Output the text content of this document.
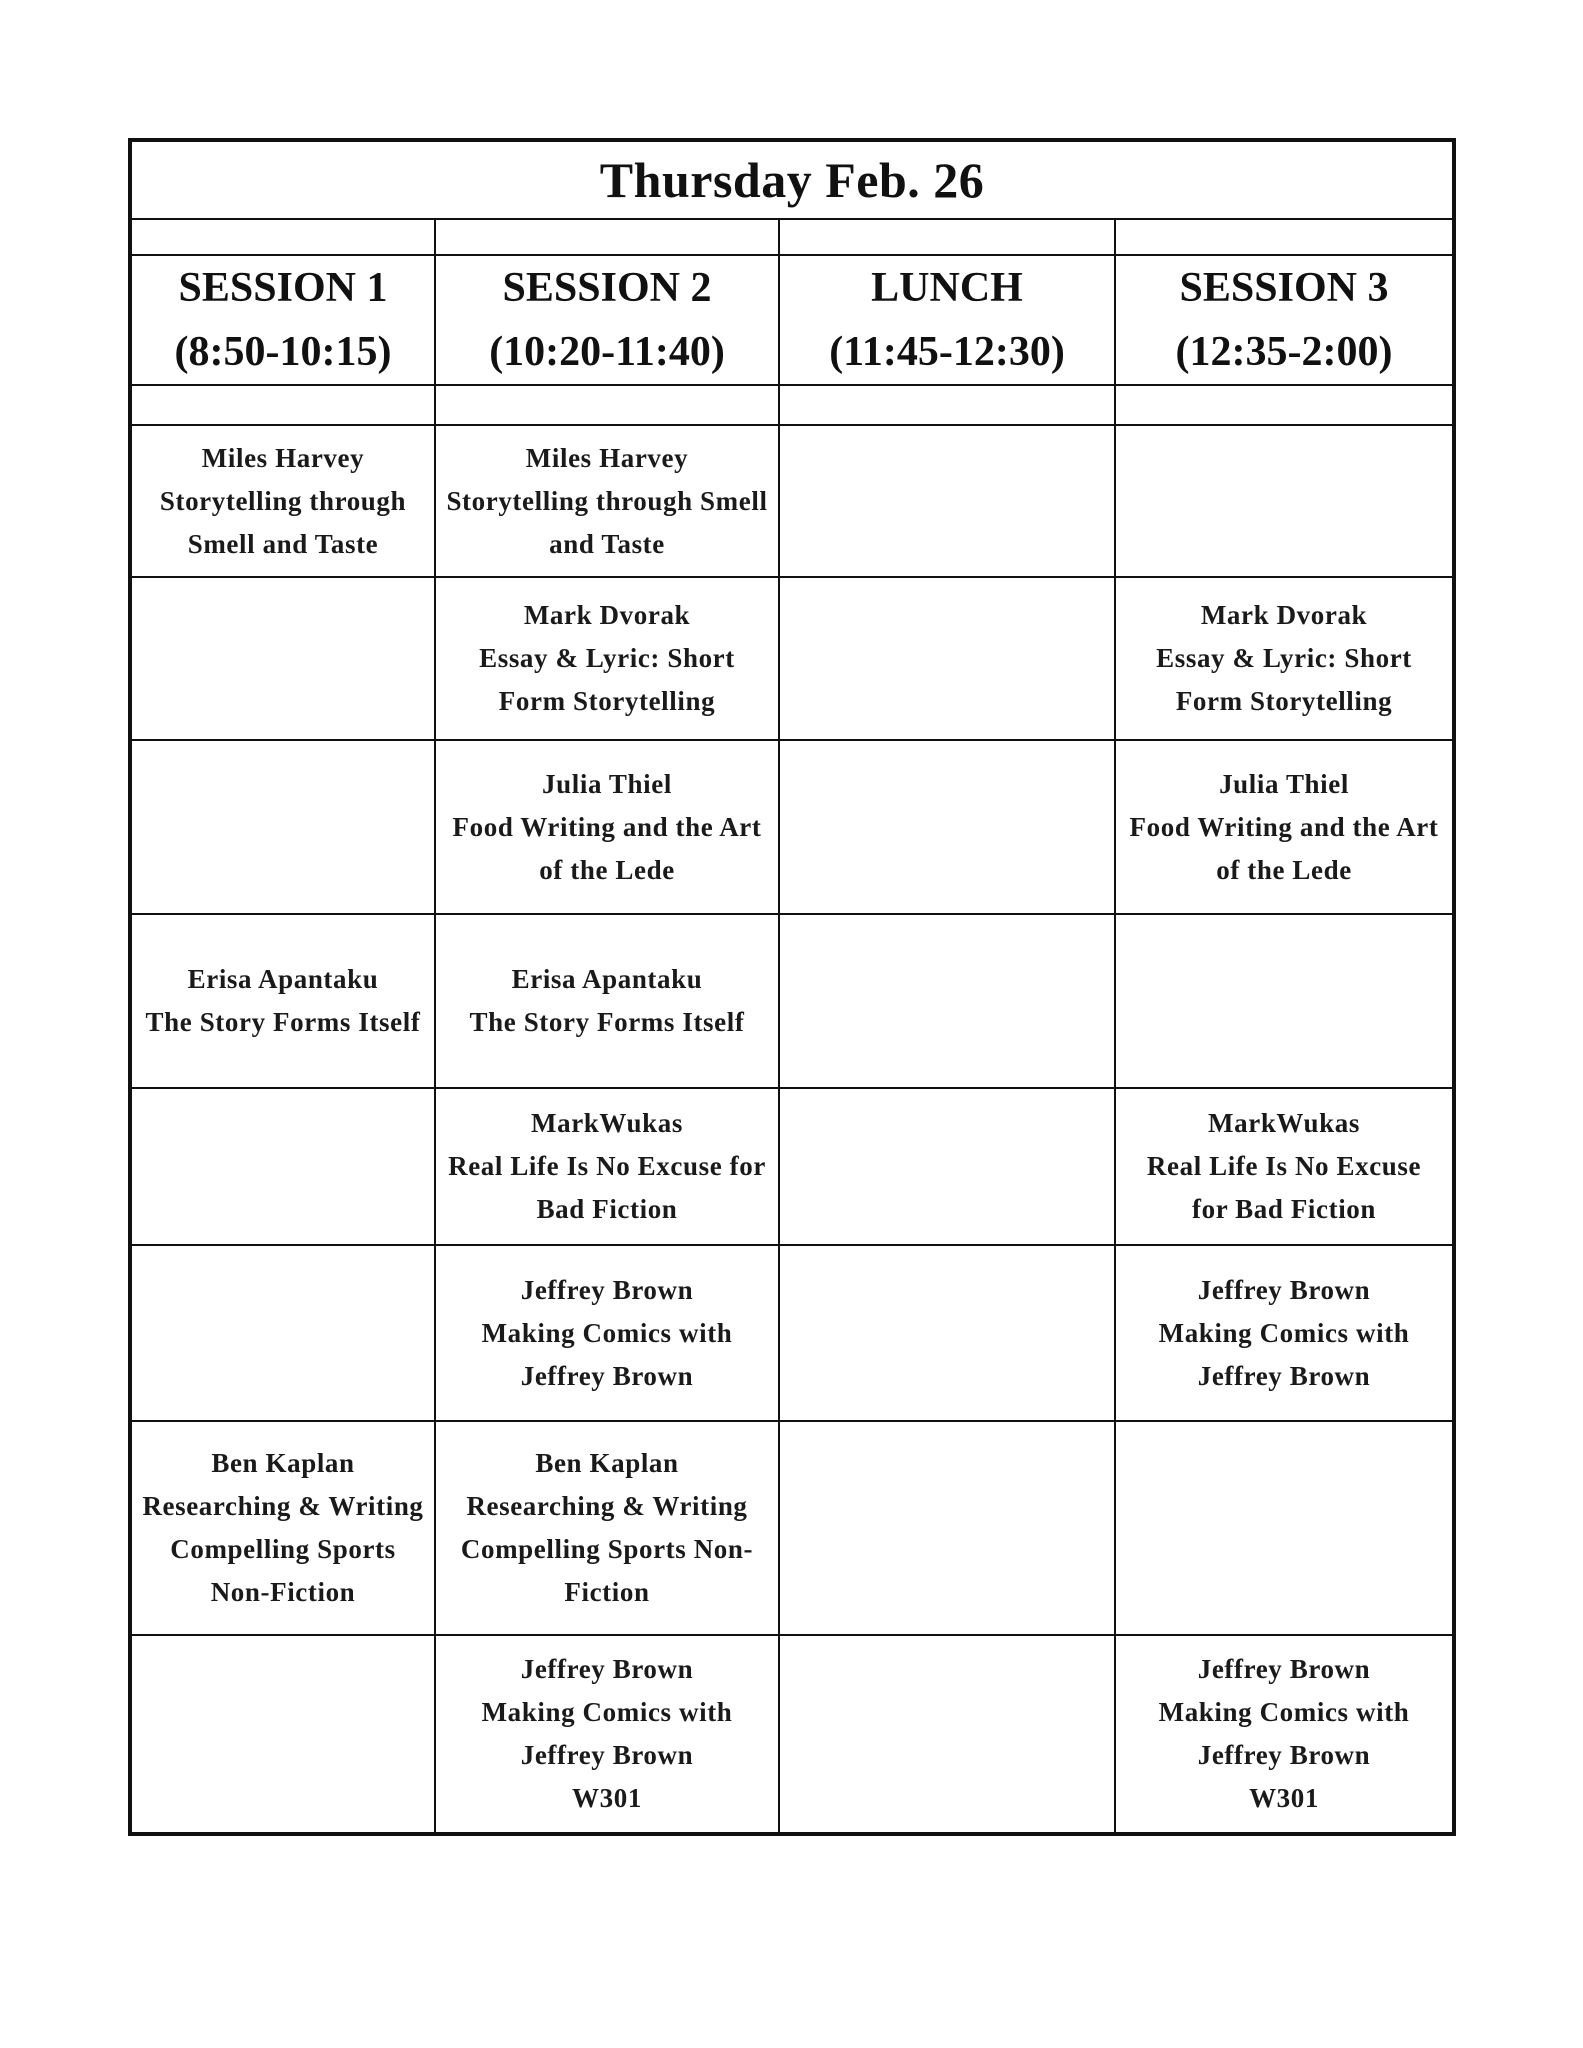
Thursday Feb. 26			

SESSION 1
(8:50-10:15)	SESSION 2
(10:20-11:40)	LUNCH
(11:45-12:30)	SESSION 3
(12:35-2:00)

Miles Harvey
Storytelling through
Smell and Taste	Miles Harvey
Storytelling through Smell
and Taste		

	Mark Dvorak
Essay & Lyric: Short
Form Storytelling		Mark Dvorak
Essay & Lyric: Short
Form Storytelling

	Julia Thiel
Food Writing and the Art
of the Lede		Julia Thiel
Food Writing and the Art
of the Lede

Erisa Apantaku
The Story Forms Itself	Erisa Apantaku
The Story Forms Itself		

	MarkWukas
Real Life Is No Excuse for
Bad Fiction		MarkWukas
Real Life Is No Excuse
for Bad Fiction

	Jeffrey Brown
Making Comics with
Jeffrey Brown		Jeffrey Brown
Making Comics with
Jeffrey Brown

Ben Kaplan
Researching & Writing
Compelling Sports
Non-Fiction	Ben Kaplan
Researching & Writing
Compelling Sports Non-
Fiction		

	Jeffrey Brown
Making Comics with
Jeffrey Brown
W301		Jeffrey Brown
Making Comics with
Jeffrey Brown
W301
